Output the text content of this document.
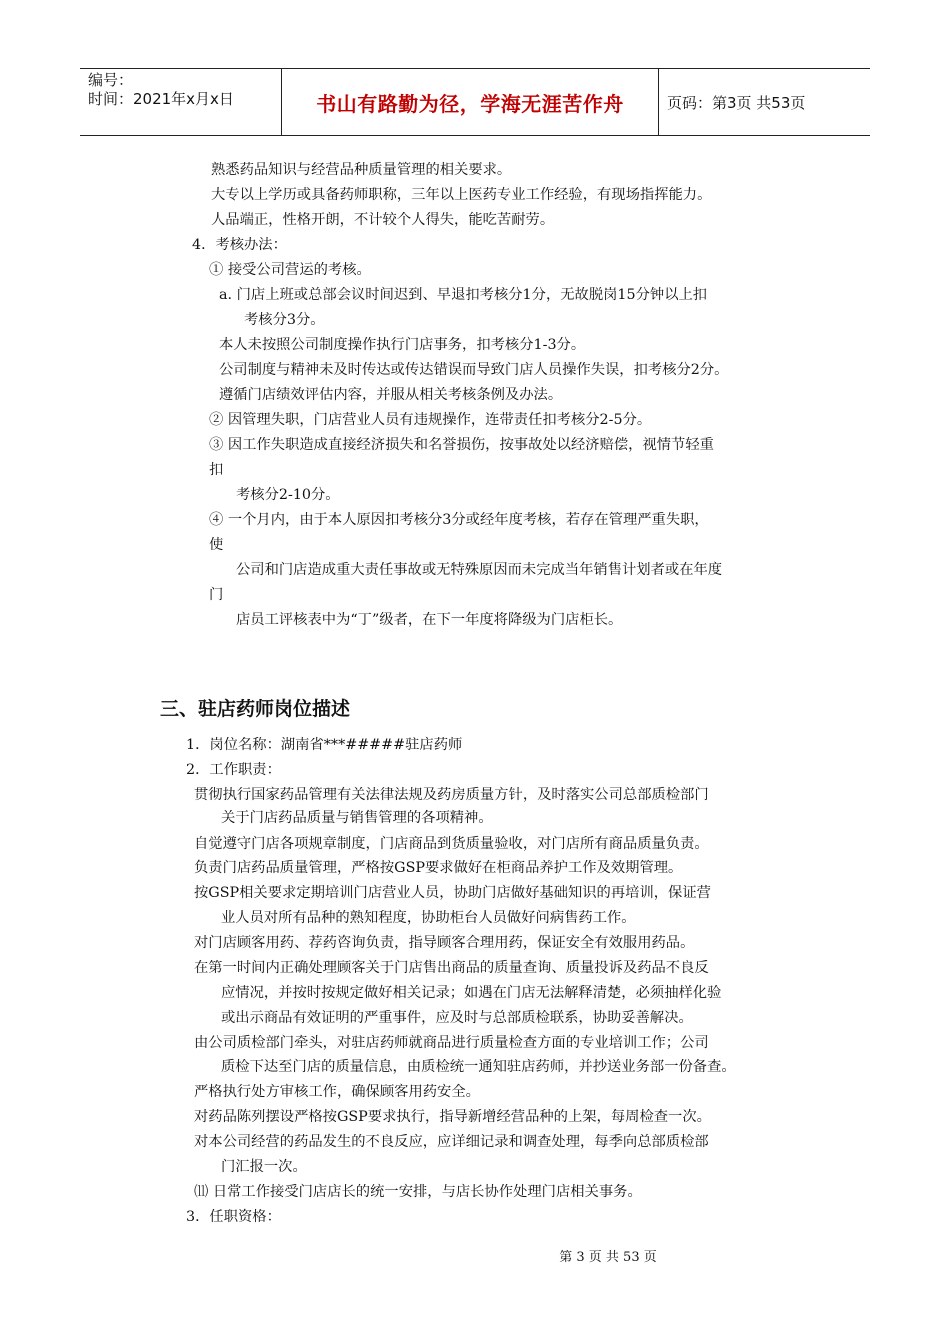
编号：
时间：2021年x月x日	书山有路勤为径，学海无涯苦作舟	页码：第3页 共53页
熟悉药品知识与经营品种质量管理的相关要求。
大专以上学历或具备药师职称，三年以上医药专业工作经验，有现场指挥能力。
人品端正，性格开朗，不计较个人得失，能吃苦耐劳。
4．考核办法：
① 接受公司营运的考核。
a. 门店上班或总部会议时间迟到、早退扣考核分1分，无故脱岗15分钟以上扣
考核分3分。
本人未按照公司制度操作执行门店事务，扣考核分1-3分。
公司制度与精神未及时传达或传达错误而导致门店人员操作失误，扣考核分2分。
遵循门店绩效评估内容，并服从相关考核条例及办法。
② 因管理失职，门店营业人员有违规操作，连带责任扣考核分2-5分。
③ 因工作失职造成直接经济损失和名誉损伤，按事故处以经济赔偿，视情节轻重
扣
考核分2-10分。
④ 一个月内，由于本人原因扣考核分3分或经年度考核，若存在管理严重失职，
使
公司和门店造成重大责任事故或无特殊原因而未完成当年销售计划者或在年度
门
店员工评核表中为“丁”级者，在下一年度将降级为门店柜长。
三、驻店药师岗位描述
1．岗位名称：湖南省***#####驻店药师
2．工作职责：
贯彻执行国家药品管理有关法律法规及药房质量方针，及时落实公司总部质检部门
关于门店药品质量与销售管理的各项精神。
自觉遵守门店各项规章制度，门店商品到货质量验收，对门店所有商品质量负责。
负责门店药品质量管理，严格按GSP要求做好在柜商品养护工作及效期管理。
按GSP相关要求定期培训门店营业人员，协助门店做好基础知识的再培训，保证营
业人员对所有品种的熟知程度，协助柜台人员做好问病售药工作。
对门店顾客用药、荐药咨询负责，指导顾客合理用药，保证安全有效服用药品。
在第一时间内正确处理顾客关于门店售出商品的质量查询、质量投诉及药品不良反
应情况，并按时按规定做好相关记录；如遇在门店无法解释清楚，必须抽样化验
或出示商品有效证明的严重事件，应及时与总部质检联系，协助妥善解决。
由公司质检部门牵头，对驻店药师就商品进行质量检查方面的专业培训工作；公司
质检下达至门店的质量信息，由质检统一通知驻店药师，并抄送业务部一份备查。
严格执行处方审核工作，确保顾客用药安全。
对药品陈列摆设严格按GSP要求执行，指导新增经营品种的上架，每周检查一次。
对本公司经营的药品发生的不良反应，应详细记录和调查处理，每季向总部质检部
门汇报一次。
⑾ 日常工作接受门店店长的统一安排，与店长协作处理门店相关事务。
3．任职资格：
第 3 页 共 53 页
